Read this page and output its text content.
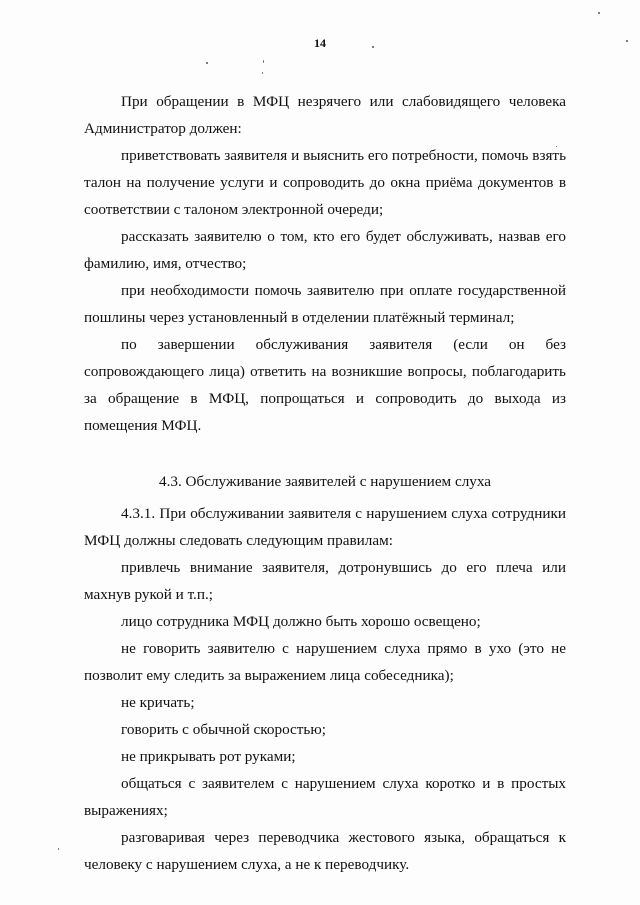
14

При обращении в МФЦ незрячего или слабовидящего человека Администратор должен:

приветствовать заявителя и выяснить его потребности, помочь взять талон на получение услуги и сопроводить до окна приёма документов в соответствии с талоном электронной очереди;

рассказать заявителю о том, кто его будет обслуживать, назвав его фамилию, имя, отчество;

при необходимости помочь заявителю при оплате государственной пошлины через установленный в отделении платёжный терминал;

по завершении обслуживания заявителя (если он без сопровождающего лица) ответить на возникшие вопросы, поблагодарить за обращение в МФЦ, попрощаться и сопроводить до выхода из помещения МФЦ.

4.3. Обслуживание заявителей с нарушением слуха

4.3.1. При обслуживании заявителя с нарушением слуха сотрудники МФЦ должны следовать следующим правилам:

привлечь внимание заявителя, дотронувшись до его плеча или махнув рукой и т.п.;

лицо сотрудника МФЦ должно быть хорошо освещено;

не говорить заявителю с нарушением слуха прямо в ухо (это не позволит ему следить за выражением лица собеседника);

не кричать;

говорить с обычной скоростью;

не прикрывать рот руками;

общаться с заявителем с нарушением слуха коротко и в простых выражениях;

разговаривая через переводчика жестового языка, обращаться к человеку с нарушением слуха, а не к переводчику.
